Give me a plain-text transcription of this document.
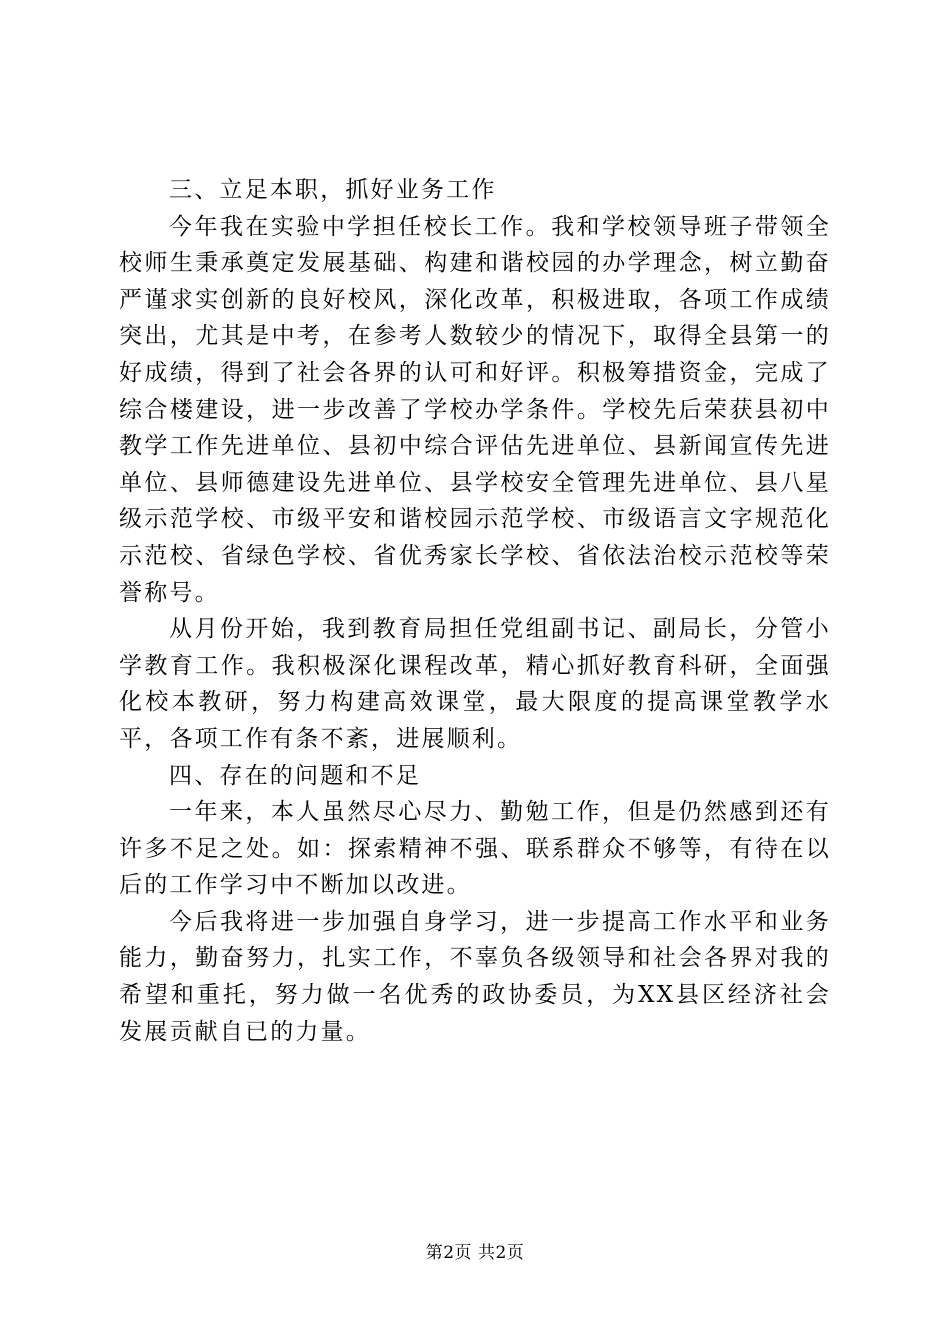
三、立足本职，抓好业务工作

今年我在实验中学担任校长工作。我和学校领导班子带领全校师生秉承奠定发展基础、构建和谐校园的办学理念，树立勤奋严谨求实创新的良好校风，深化改革，积极进取，各项工作成绩突出，尤其是中考，在参考人数较少的情况下，取得全县第一的好成绩，得到了社会各界的认可和好评。积极筹措资金，完成了综合楼建设，进一步改善了学校办学条件。学校先后荣获县初中教学工作先进单位、县初中综合评估先进单位、县新闻宣传先进单位、县师德建设先进单位、县学校安全管理先进单位、县八星级示范学校、市级平安和谐校园示范学校、市级语言文字规范化示范校、省绿色学校、省优秀家长学校、省依法治校示范校等荣誉称号。

从月份开始，我到教育局担任党组副书记、副局长，分管小学教育工作。我积极深化课程改革，精心抓好教育科研，全面强化校本教研，努力构建高效课堂，最大限度的提高课堂教学水平，各项工作有条不紊，进展顺利。

四、存在的问题和不足

一年来，本人虽然尽心尽力、勤勉工作，但是仍然感到还有许多不足之处。如：探索精神不强、联系群众不够等，有待在以后的工作学习中不断加以改进。

今后我将进一步加强自身学习，进一步提高工作水平和业务能力，勤奋努力，扎实工作，不辜负各级领导和社会各界对我的希望和重托，努力做一名优秀的政协委员，为XX县区经济社会发展贡献自已的力量。

第2页 共2页
